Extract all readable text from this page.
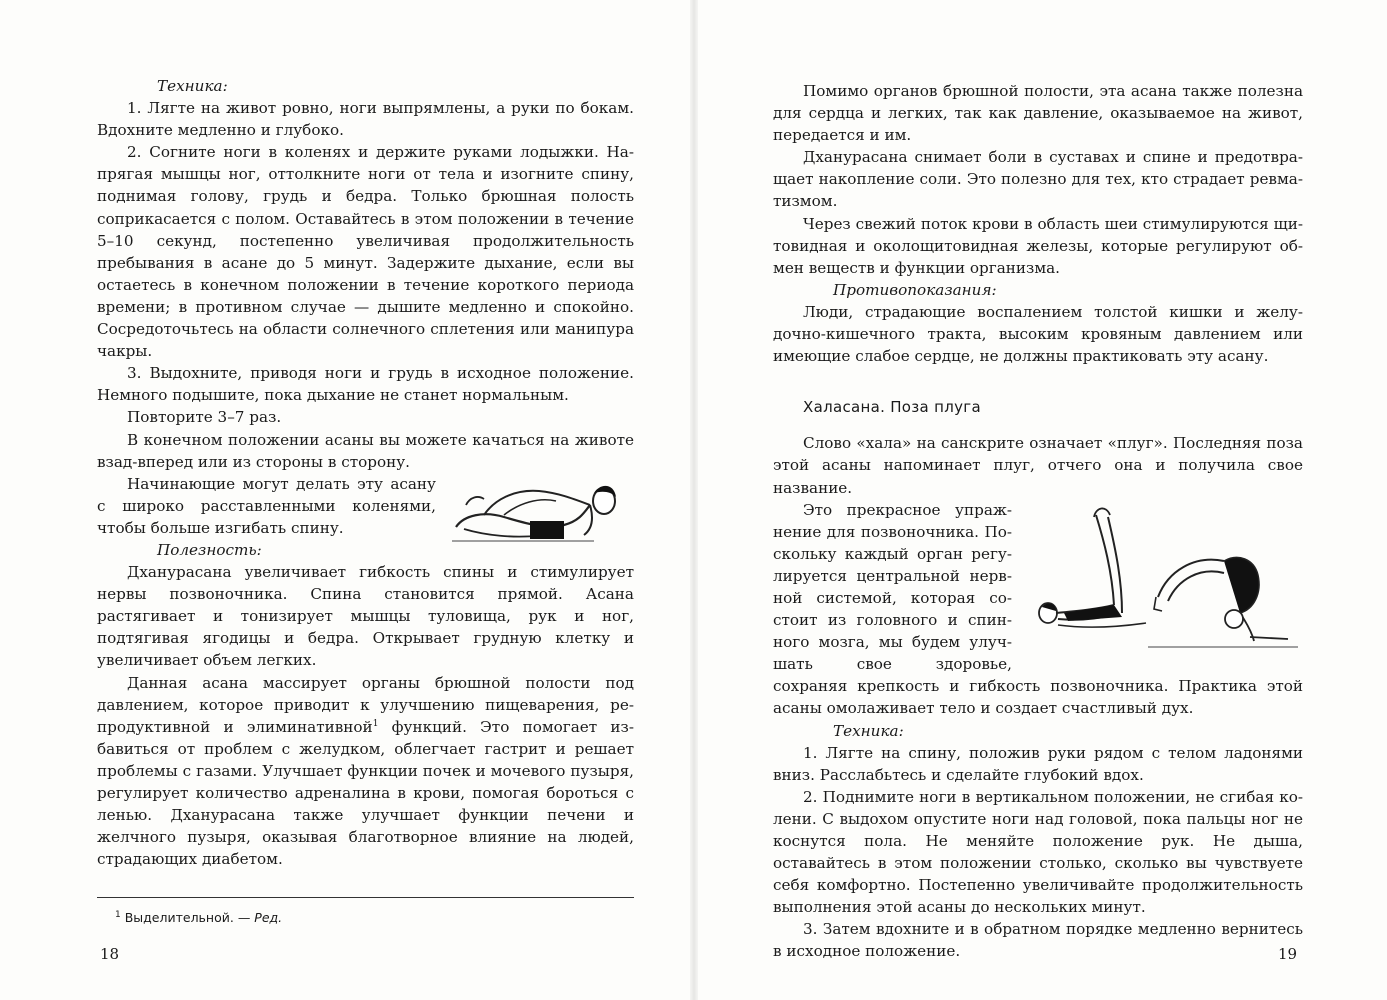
Техника:

1. Лягте на живот ровно, ноги выпрямлены, а руки по бокам. Вдохните медленно и глубоко.

2. Согните ноги в коленях и держите руками лодыжки. Напрягая мышцы ног, оттолкните ноги от тела и изогните спину, поднимая голову, грудь и бедра. Только брюшная полость соприкасается с полом. Оставайтесь в этом положении в течение 5–10 секунд, постепенно увеличивая продолжительность пребывания в асане до 5 минут. Задержите дыхание, если вы остаетесь в конечном положении в течение короткого периода времени; в противном случае — дышите медленно и спокойно. Сосредоточьтесь на области солнечного сплетения или манипура чакры.

3. Выдохните, приводя ноги и грудь в исходное положение. Немного подышите, пока дыхание не станет нормальным.

Повторите 3–7 раз.

В конечном положении асаны вы можете качаться на животе взад-вперед или из стороны в сторону.

Начинающие могут делать эту асану с широко расставленными коленями, чтобы больше изгибать спину.

Полезность:

Дханурасана увеличивает гибкость спины и стимулирует нервы позвоночника. Спина становится прямой. Асана растягивает и тонизирует мышцы туловища, рук и ног, подтягивая ягодицы и бедра. Открывает грудную клетку и увеличивает объем легких.

Данная асана массирует органы брюшной полости под давлением, которое приводит к улучшению пищеварения, репродуктивной и элиминативной$^1$ функций. Это помогает избавиться от проблем с желудком, облегчает гастрит и решает проблемы с газами. Улучшает функции почек и мочевого пузыря, регулирует количество адреналина в крови, помогая бороться с ленью. Дханурасана также улучшает функции печени и желчного пузыря, оказывая благотворное влияние на людей, страдающих диабетом.

$^1$ Выделительной. — Ред.
18

Помимо органов брюшной полости, эта асана также полезна для сердца и легких, так как давление, оказываемое на живот, передается и им.

Дханурасана снимает боли в суставах и спине и предотвращает накопление соли. Это полезно для тех, кто страдает ревматизмом.

Через свежий поток крови в область шеи стимулируются щитовидная и околощитовидная железы, которые регулируют обмен веществ и функции организма.

Противопоказания:

Люди, страдающие воспалением толстой кишки и желудочно-кишечного тракта, высоким кровяным давлением или имеющие слабое сердце, не должны практиковать эту асану.

Халасана. Поза плуга

Слово «хала» на санскрите означает «плуг». Последняя поза этой асаны напоминает плуг, отчего она и получила свое название.

Это прекрасное упражнение для позвоночника. Поскольку каждый орган регулируется центральной нервной системой, которая состоит из головного и спинного мозга, мы будем улучшать свое здоровье, сохраняя крепкость и гибкость позвоночника. Практика этой асаны омолаживает тело и создает счастливый дух.

Техника:

1. Лягте на спину, положив руки рядом с телом ладонями вниз. Расслабьтесь и сделайте глубокий вдох.

2. Поднимите ноги в вертикальном положении, не сгибая колени. С выдохом опустите ноги над головой, пока пальцы ног не коснутся пола. Не меняйте положение рук. Не дыша, оставайтесь в этом положении столько, сколько вы чувствуете себя комфортно. Постепенно увеличивайте продолжительность выполнения этой асаны до нескольких минут.

3. Затем вдохните и в обратном порядке медленно вернитесь в исходное положение.	19
